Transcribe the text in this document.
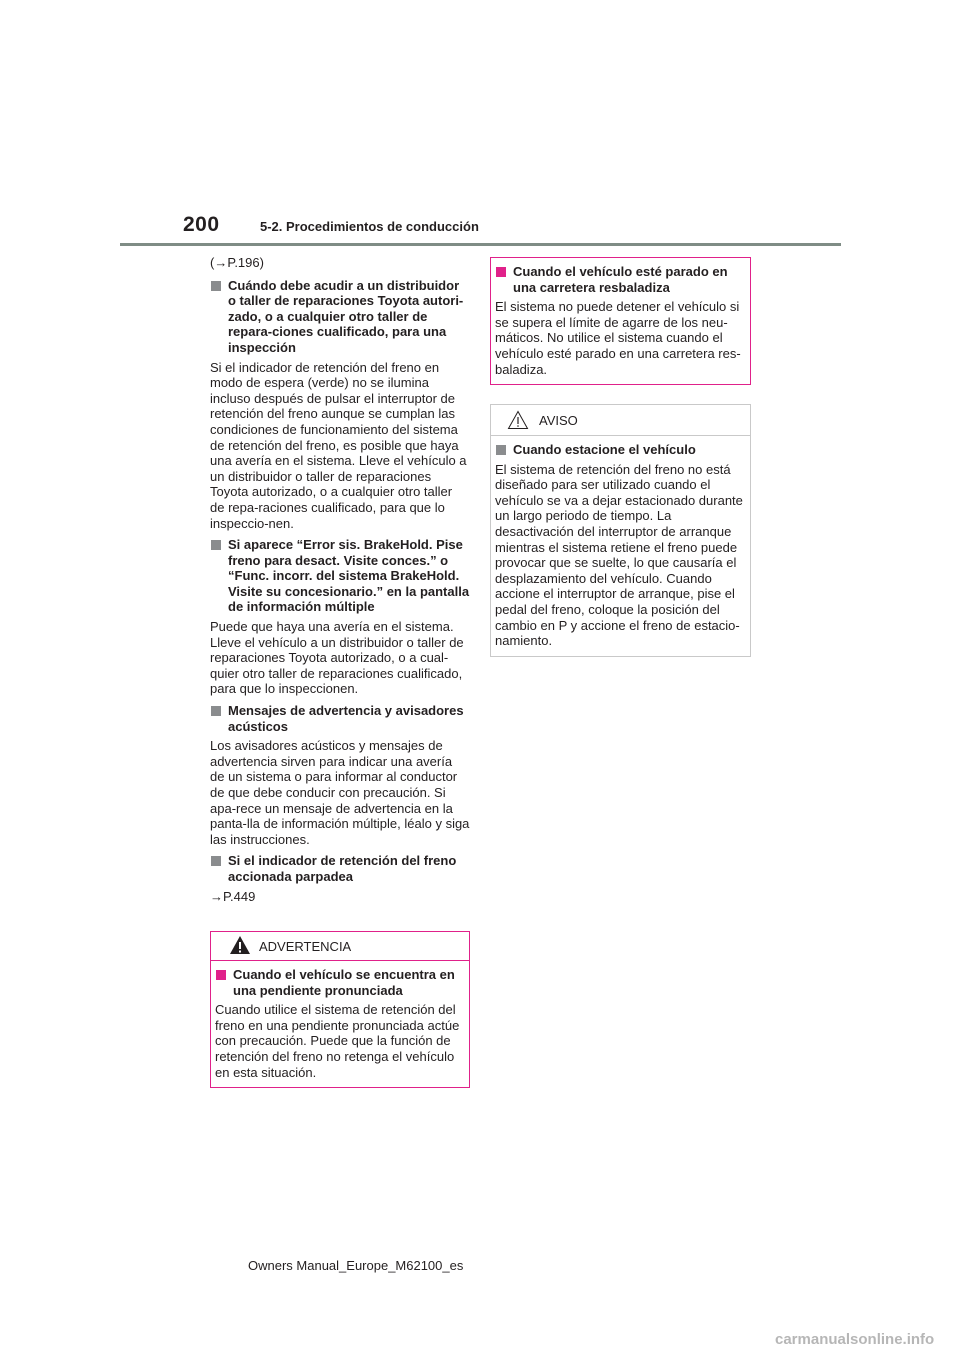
200	5-2. Procedimientos de conducción

(→P.196)

Cuándo debe acudir a un distribuidor o taller de reparaciones Toyota autori-zado, o a cualquier otro taller de repara-ciones cualificado, para una inspección

Si el indicador de retención del freno en modo de espera (verde) no se ilumina incluso después de pulsar el interruptor de retención del freno aunque se cumplan las condiciones de funcionamiento del sistema de retención del freno, es posible que haya una avería en el sistema. Lleve el vehículo a un distribuidor o taller de reparaciones Toyota autorizado, o a cualquier otro taller de repa-raciones cualificado, para que lo inspeccio-nen.

Si aparece “Error sis. BrakeHold. Pise freno para desact. Visite conces.” o “Func. incorr. del sistema BrakeHold. Visite su concesionario.” en la pantalla de información múltiple

Puede que haya una avería en el sistema. Lleve el vehículo a un distribuidor o taller de reparaciones Toyota autorizado, o a cual-quier otro taller de reparaciones cualificado, para que lo inspeccionen.

Mensajes de advertencia y avisadores acústicos

Los avisadores acústicos y mensajes de advertencia sirven para indicar una avería de un sistema o para informar al conductor de que debe conducir con precaución. Si apa-rece un mensaje de advertencia en la panta-lla de información múltiple, léalo y siga las instrucciones.

Si el indicador de retención del freno accionada parpadea

→P.449

ADVERTENCIA
Cuando el vehículo se encuentra en una pendiente pronunciada

Cuando utilice el sistema de retención del freno en una pendiente pronunciada actúe con precaución. Puede que la función de retención del freno no retenga el vehículo en esta situación.

Cuando el vehículo esté parado en una carretera resbaladiza

El sistema no puede detener el vehículo si se supera el límite de agarre de los neu-máticos. No utilice el sistema cuando el vehículo esté parado en una carretera res-baladiza.

AVISO
Cuando estacione el vehículo

El sistema de retención del freno no está diseñado para ser utilizado cuando el vehículo se va a dejar estacionado durante un largo periodo de tiempo. La desactivación del interruptor de arranque mientras el sistema retiene el freno puede provocar que se suelte, lo que causaría el desplazamiento del vehículo. Cuando accione el interruptor de arranque, pise el pedal del freno, coloque la posición del cambio en P y accione el freno de estacio-namiento.

Owners Manual_Europe_M62100_es
carmanualsonline.info
